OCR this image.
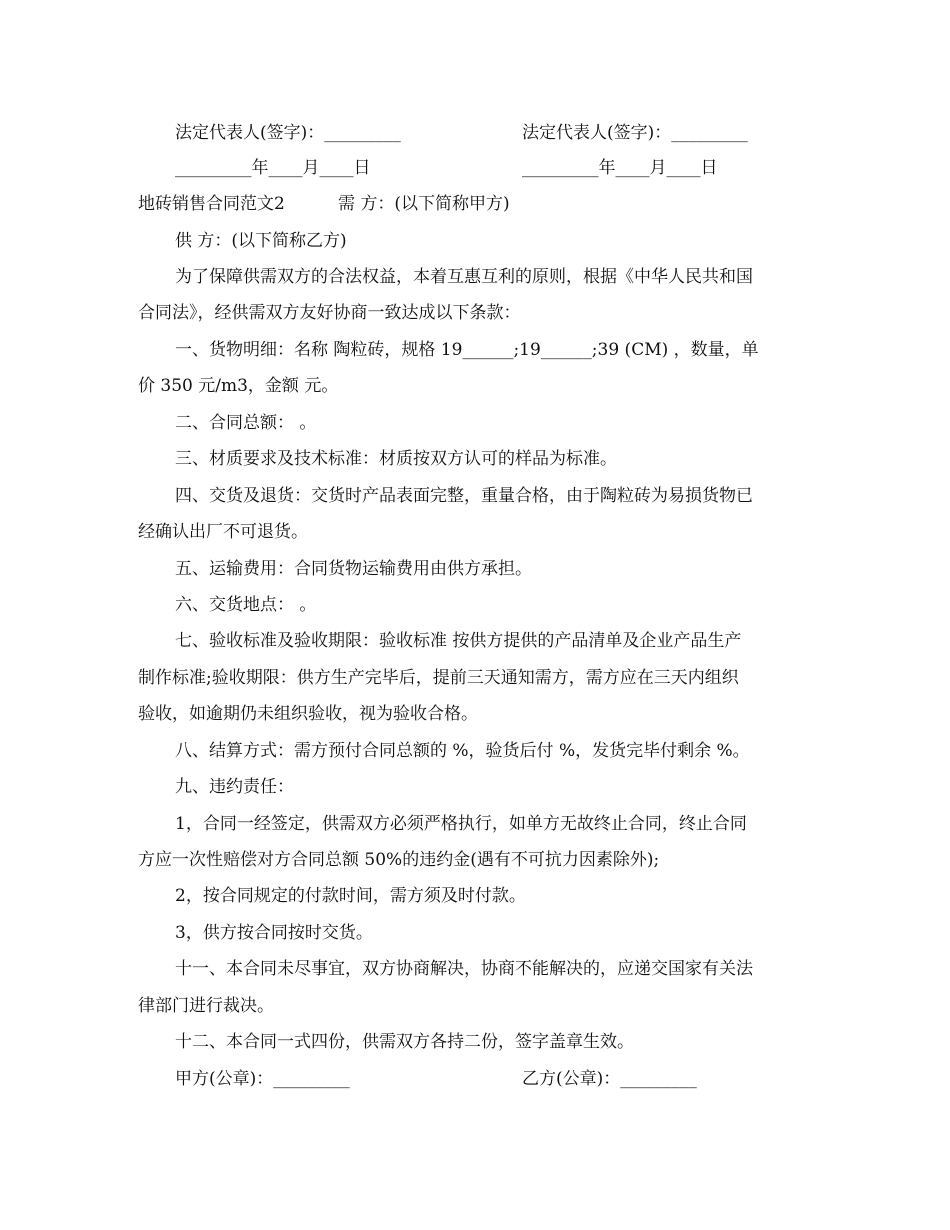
法定代表人(签字)：_________	法定代表人(签字)：_________

_________年____月____日	_________年____月____日

地砖销售合同范文2	需 方：(以下简称甲方)

供 方：(以下简称乙方)

为了保障供需双方的合法权益，本着互惠互利的原则，根据《中华人民共和国

合同法》，经供需双方友好协商一致达成以下条款：

一、货物明细：名称 陶粒砖，规格 19______;19______;39 (CM) ，数量，单

价 350 元/m3，金额 元。

二、合同总额： 。

三、材质要求及技术标准：材质按双方认可的样品为标准。

四、交货及退货：交货时产品表面完整，重量合格，由于陶粒砖为易损货物已

经确认出厂不可退货。

五、运输费用：合同货物运输费用由供方承担。

六、交货地点： 。

七、验收标准及验收期限：验收标准 按供方提供的产品清单及企业产品生产

制作标准;验收期限：供方生产完毕后，提前三天通知需方，需方应在三天内组织

验收，如逾期仍未组织验收，视为验收合格。

八、结算方式：需方预付合同总额的 %，验货后付 %，发货完毕付剩余 %。

九、违约责任：

1，合同一经签定，供需双方必须严格执行，如单方无故终止合同，终止合同

方应一次性赔偿对方合同总额 50%的违约金(遇有不可抗力因素除外);

2，按合同规定的付款时间，需方须及时付款。

3，供方按合同按时交货。

十一、本合同未尽事宜，双方协商解决，协商不能解决的，应递交国家有关法

律部门进行裁决。

十二、本合同一式四份，供需双方各持二份，签字盖章生效。

甲方(公章)：_________	乙方(公章)：_________
